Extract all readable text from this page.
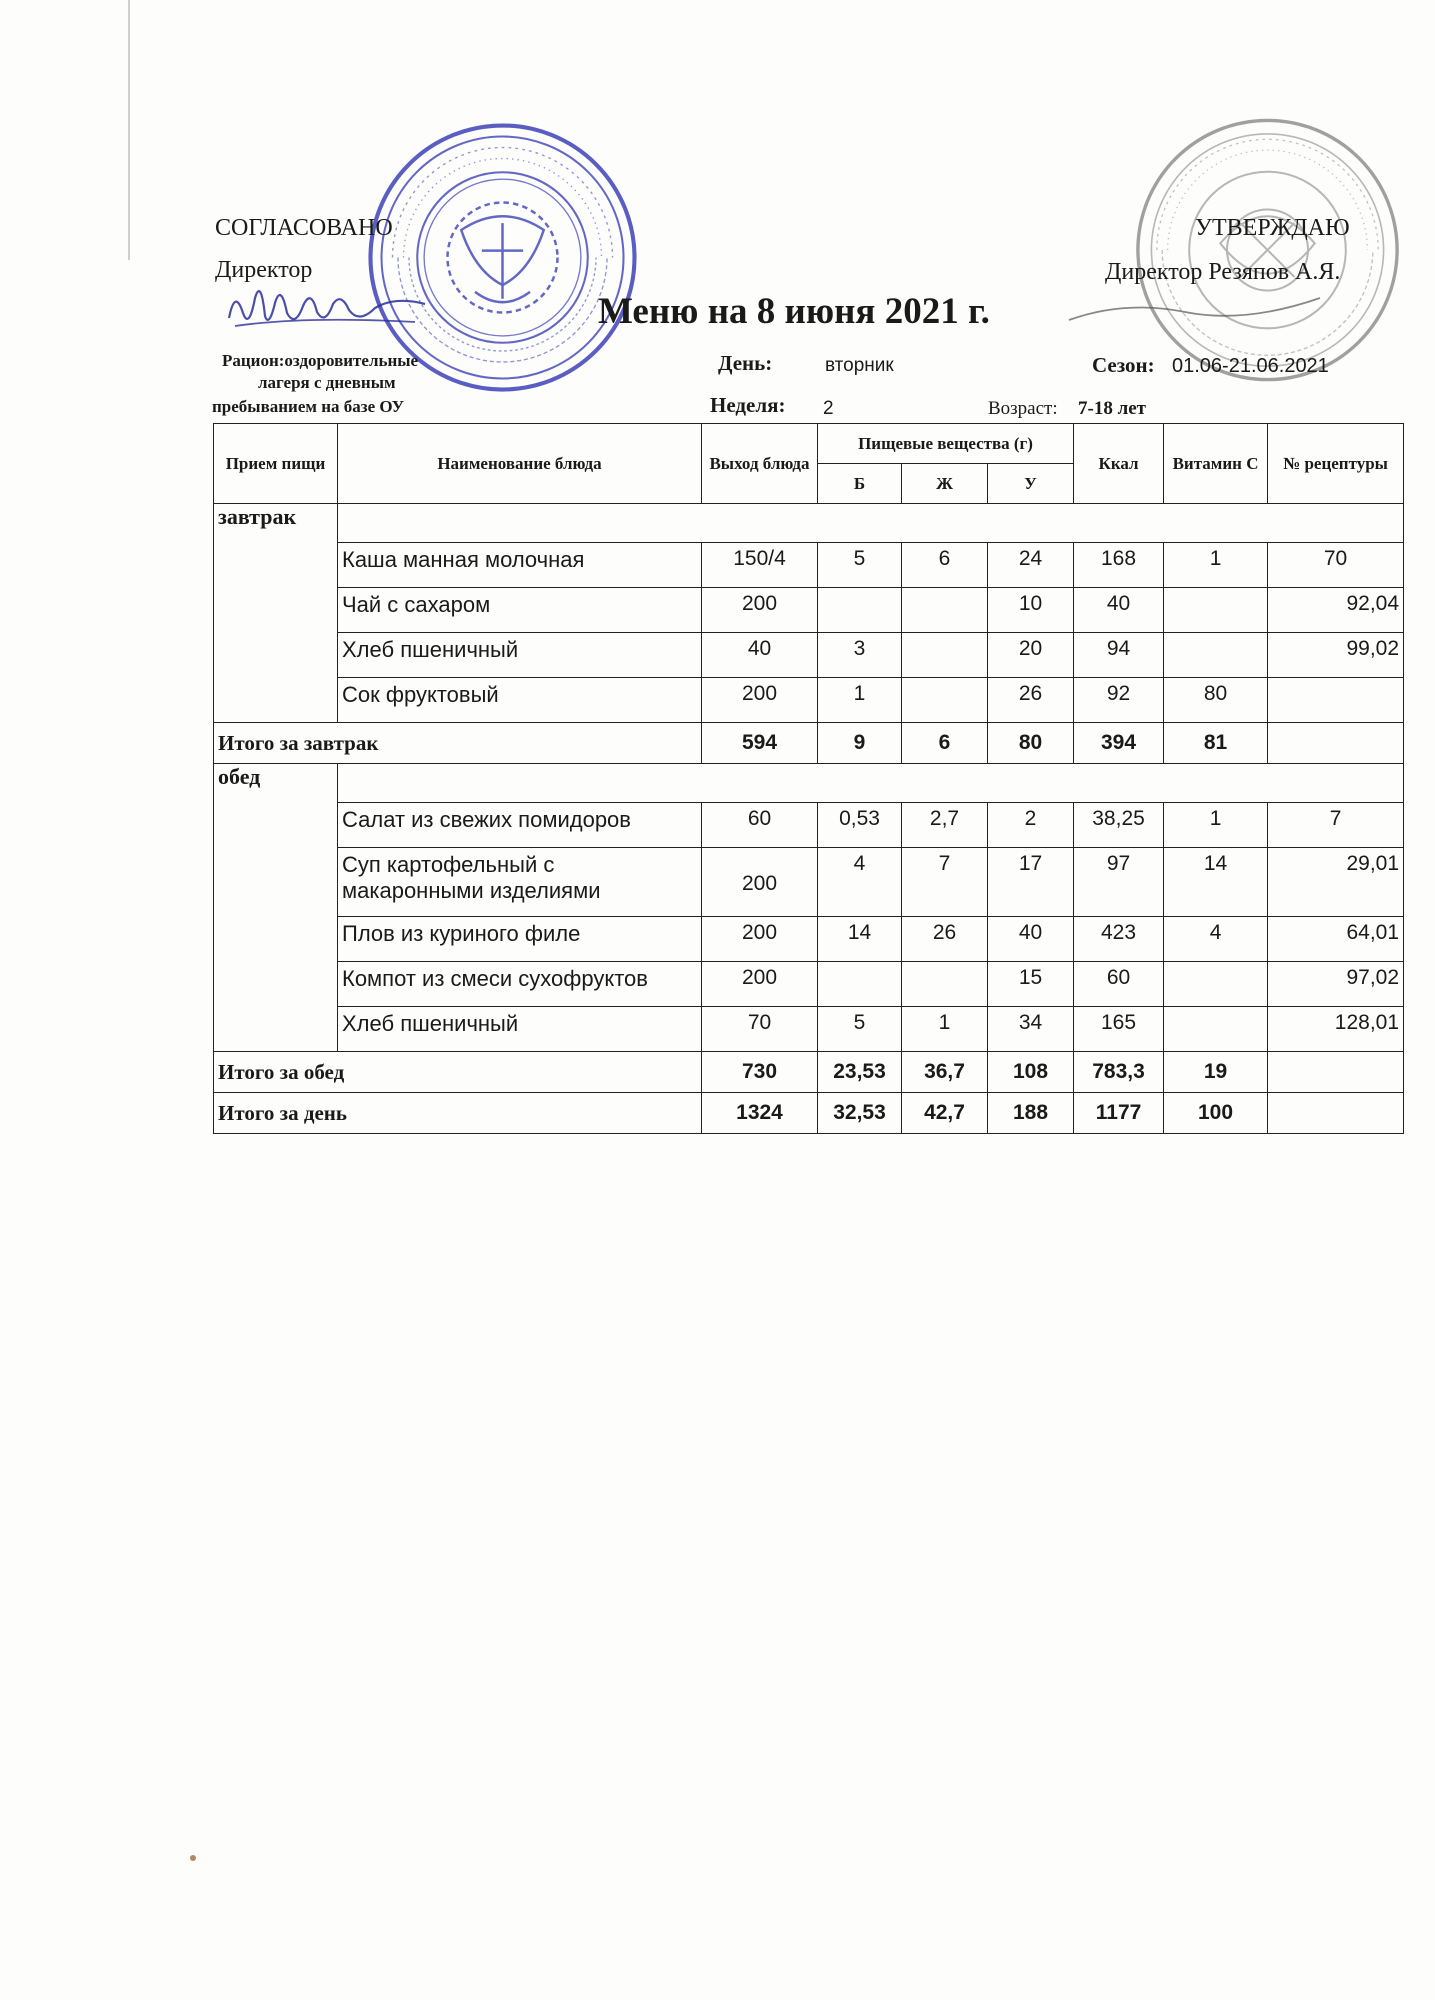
СОГЛАСОВАНО
Директор
УТВЕРЖДАЮ
Директор Резяпов А.Я.
Меню на 8 июня 2021 г.
Рацион:оздоровительные
лагеря с дневным
пребыванием на базе ОУ
День:	вторник
Неделя: 2
Сезон: 01.06-21.06.2021
Возраст: 7-18 лет
Прием пищи	Наименование блюда	Выход блюда	Пищевые вещества (г)			Ккал	Витамин С	№ рецептуры
			Б	Ж	У			
завтрак								
	Каша манная молочная	150/4	5	6	24	168	1	70
	Чай с сахаром	200			10	40		92,04
	Хлеб пшеничный	40	3		20	94		99,02
	Сок фруктовый	200	1		26	92	80	
Итого за завтрак		594	9	6	80	394	81	
обед								
	Салат из свежих помидоров	60	0,53	2,7	2	38,25	1	7
	Суп картофельный с макаронными изделиями	200	4	7	17	97	14	29,01
	Плов из куриного филе	200	14	26	40	423	4	64,01
	Компот из смеси сухофруктов	200			15	60		97,02
	Хлеб пшеничный	70	5	1	34	165		128,01
Итого за обед		730	23,53	36,7	108	783,3	19	
Итого за день		1324	32,53	42,7	188	1177	100	
